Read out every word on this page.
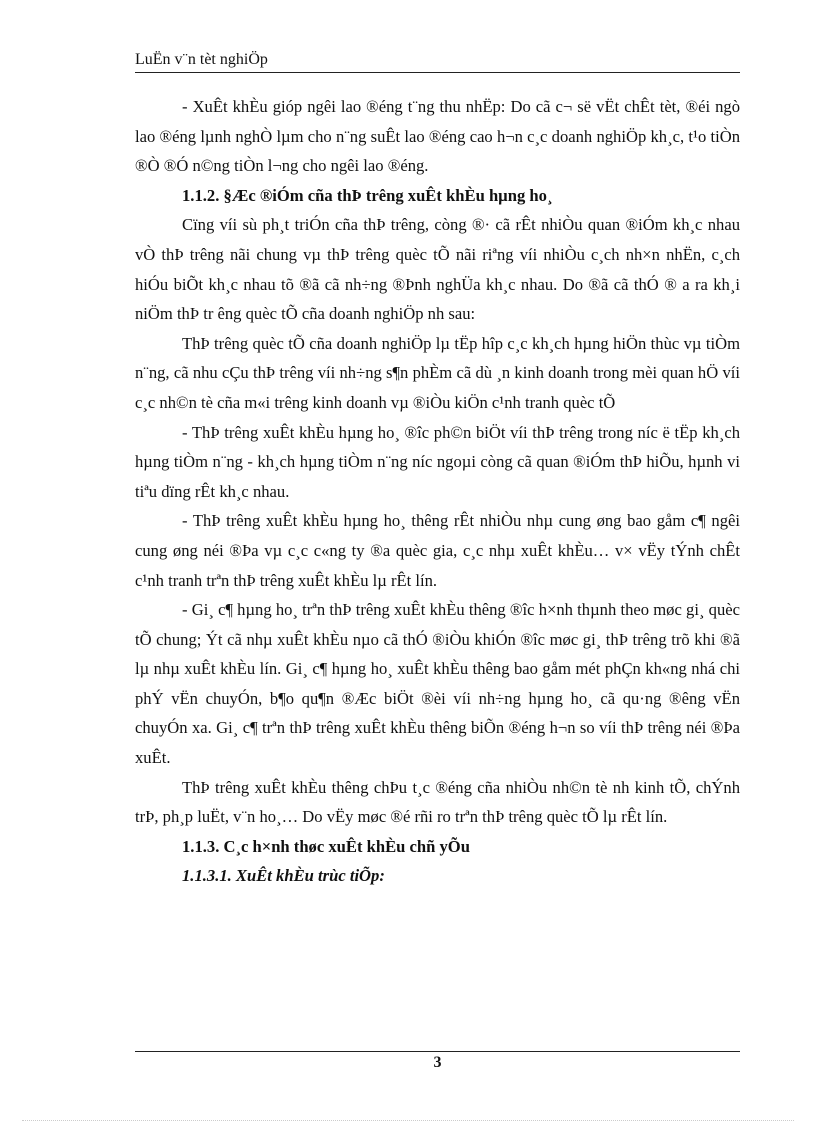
LuËn v¨n tèt nghiÖp

- XuÊt khÈu gióp ngêi lao ®éng t¨ng thu nhËp: Do cã c¬ së vËt chÊt tèt, ®éi ngò lao ®éng lµnh nghÒ lµm cho n¨ng suÊt lao ®éng cao h¬n c¸c doanh nghiÖp kh¸c, t¹o tiÒn ®Ò ®Ó n©ng tiÒn l¬ng cho ngêi lao ®éng.

1.1.2. §Æc ®iÓm cña thÞ trêng xuÊt khÈu hµng ho¸

Cïng víi sù ph¸t triÓn cña thÞ trêng, còng ®· cã rÊt nhiÒu quan ®iÓm kh¸c nhau vÒ thÞ trêng nãi chung vµ thÞ trêng quèc tÕ nãi riªng víi nhiÒu c¸ch nh×n nhËn, c¸ch hiÓu biÕt kh¸c nhau tõ ®ã cã nh÷ng ®Þnh nghÜa kh¸c nhau. Do ®ã cã thÓ ® a ra kh¸i niÖm thÞ tr êng quèc tÕ cña doanh nghiÖp nh sau:

ThÞ trêng quèc tÕ cña doanh nghiÖp lµ tËp hîp c¸c kh¸ch hµng hiÖn thùc vµ tiÒm n¨ng, cã nhu cÇu thÞ trêng víi nh÷ng s¶n phÈm cã dù ¸n kinh doanh trong mèi quan hÖ víi c¸c nh©n tè cña m«i trêng kinh doanh vµ ®iÒu kiÖn c¹nh tranh quèc tÕ

- ThÞ trêng xuÊt khÈu hµng ho¸ ®îc ph©n biÖt víi thÞ trêng trong níc ë tËp kh¸ch hµng tiÒm n¨ng - kh¸ch hµng tiÒm n¨ng níc ngoµi còng cã quan ®iÓm thÞ hiÕu, hµnh vi tiªu dïng rÊt kh¸c nhau.

- ThÞ trêng xuÊt khÈu hµng ho¸ thêng rÊt nhiÒu nhµ cung øng bao gåm c¶ ngêi cung øng néi ®Þa vµ c¸c c«ng ty ®a quèc gia, c¸c nhµ xuÊt khÈu… v× vËy tÝnh chÊt c¹nh tranh trªn thÞ trêng xuÊt khÈu lµ rÊt lín.

- Gi¸ c¶ hµng ho¸ trªn thÞ trêng xuÊt khÈu thêng ®îc h×nh thµnh theo møc gi¸ quèc tÕ chung; Ýt cã nhµ xuÊt khÈu nµo cã thÓ ®iÒu khiÓn ®îc møc gi¸ thÞ trêng trõ khi ®ã lµ nhµ xuÊt khÈu lín. Gi¸ c¶ hµng ho¸ xuÊt khÈu thêng bao gåm mét phÇn kh«ng nhá chi phÝ vËn chuyÓn, b¶o qu¶n ®Æc biÖt ®èi víi nh÷ng hµng ho¸ cã qu·ng ®êng vËn chuyÓn xa. Gi¸ c¶ trªn thÞ trêng xuÊt khÈu thêng biÕn ®éng h¬n so víi thÞ trêng néi ®Þa xuÊt.

ThÞ trêng xuÊt khÈu thêng chÞu t¸c ®éng cña nhiÒu nh©n tè nh kinh tÕ, chÝnh trÞ, ph¸p luËt, v¨n ho¸… Do vËy møc ®é rñi ro trªn thÞ trêng quèc tÕ lµ rÊt lín.

1.1.3. C¸c h×nh thøc xuÊt khÈu chñ yÕu
1.1.3.1. XuÊt khÈu trùc tiÕp:
3
